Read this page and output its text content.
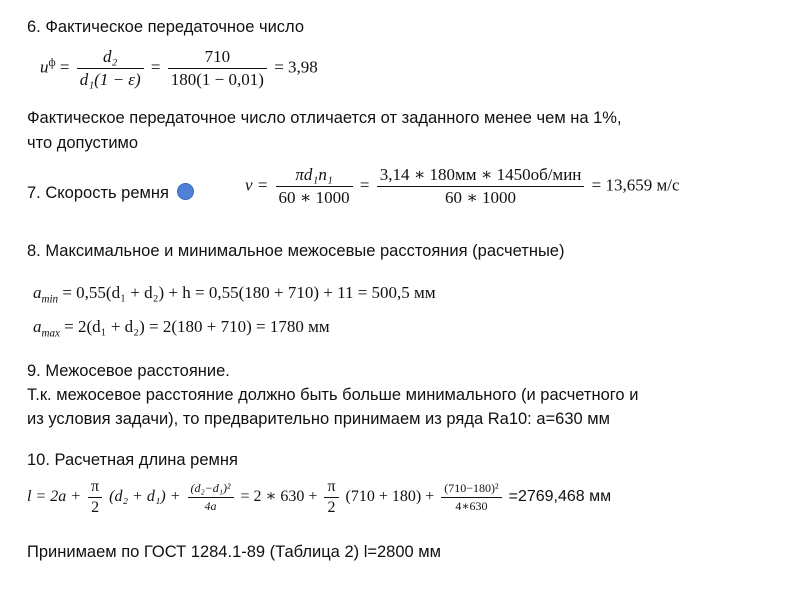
6. Фактическое передаточное число
$u^ф = \frac{\text{d₂}}{\text{d₁(1 − ε)}} = \frac{710}{180(1 - 0,01)} = 3,98$
Фактическое передаточное число отличается от заданного менее чем на 1%,
что допустимо
7. Скорость ремня	$v = \frac{\text{πd₁n₁}}{60 ∗ 1000} = \frac{\text{3,14 ∗ 180мм ∗ 1450об/мин}}{60 ∗ 1000} = 13,659$ м/с
8. Максимальное и минимальное межосевые расстояния (расчетные)
$a_{min} = 0,55(d_1 + d_2) + h = 0,55(180 + 710) + 11 = 500,5$ мм
$a_{max} = 2(d_1 + d_2) = 2(180 + 710) = 1780$ мм
9. Межосевое расстояние.
Т.к. межосевое расстояние должно быть больше минимального (и расчетного и
из условия задачи), то предварительно принимаем из ряда Ra10: a=630 мм
10. Расчетная длина ремня
$l = 2a + \frac{\pi}{2} (d_2 + d_1) + \frac{\text{(d₂−d₁)²}}{4a} = 2$ ∗ $630 + \frac{\pi}{2} (710 + 180) + \frac{\text{(710−180)²}}{4∗630} =2769,468$ мм
Принимаем по ГОСТ 1284.1-89 (Таблица 2) l=2800 мм
